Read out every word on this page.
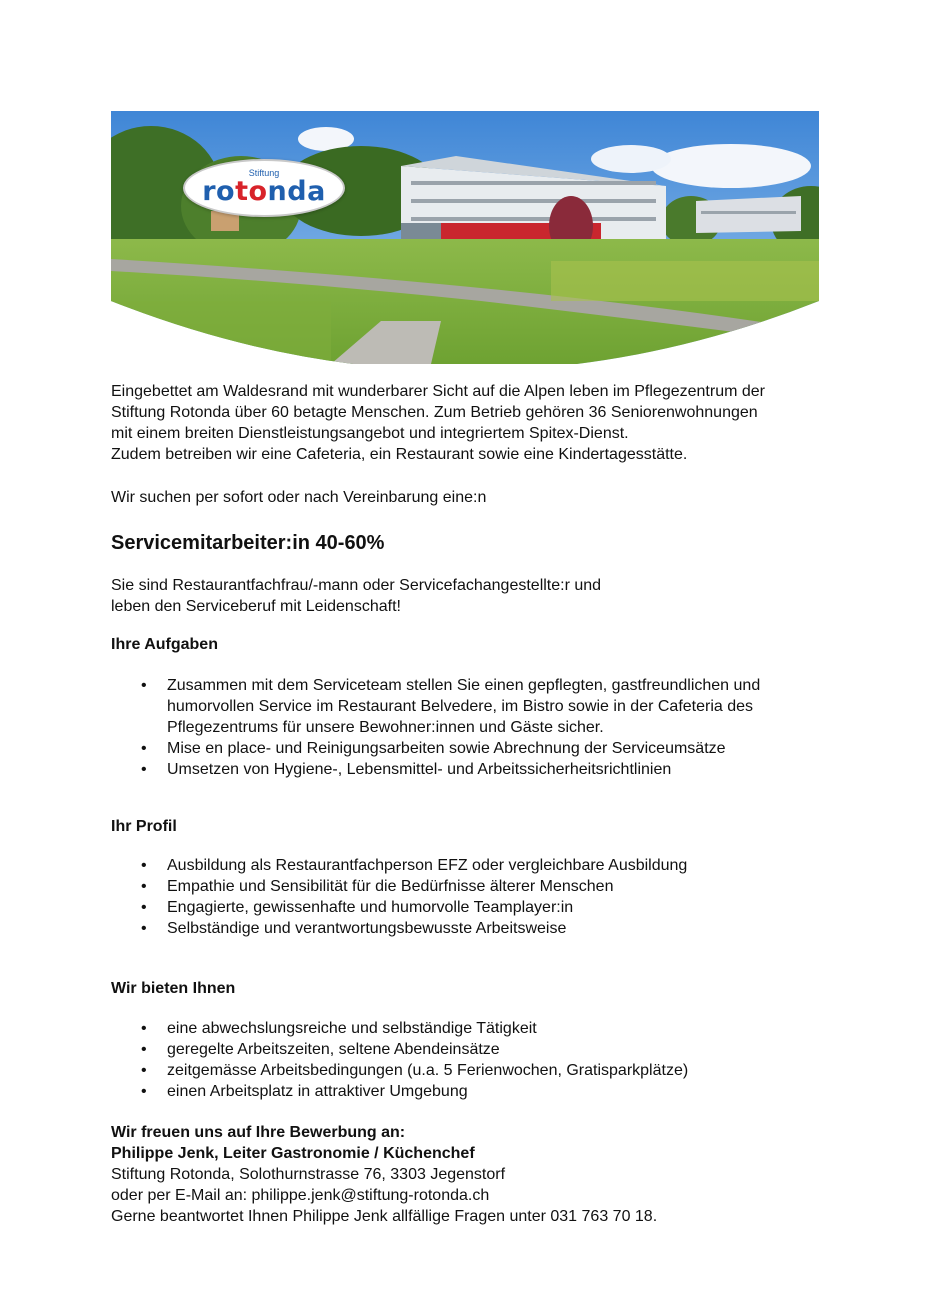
Stiftung
rotonda

Eingebettet am Waldesrand mit wunderbarer Sicht auf die Alpen leben im Pflegezentrum der

Stiftung Rotonda über 60 betagte Menschen. Zum Betrieb gehören 36 Seniorenwohnungen

mit einem breiten Dienstleistungsangebot und integriertem Spitex-Dienst.

Zudem betreiben wir eine Cafeteria, ein Restaurant sowie eine Kindertagesstätte.

Wir suchen per sofort oder nach Vereinbarung eine:n
Servicemitarbeiter:in 40-60%

Sie sind Restaurantfachfrau/-mann oder Servicefachangestellte:r und

leben den Serviceberuf mit Leidenschaft!

Ihre Aufgaben
• Zusammen mit dem Serviceteam stellen Sie einen gepflegten, gastfreundlichen und humorvollen Service im Restaurant Belvedere, im Bistro sowie in der Cafeteria des Pflegezentrums für unsere Bewohner:innen und Gäste sicher.
• Mise en place- und Reinigungsarbeiten sowie Abrechnung der Serviceumsätze
• Umsetzen von Hygiene-, Lebensmittel- und Arbeitssicherheitsrichtlinien
Ihr Profil
• Ausbildung als Restaurantfachperson EFZ oder vergleichbare Ausbildung
• Empathie und Sensibilität für die Bedürfnisse älterer Menschen
• Engagierte, gewissenhafte und humorvolle Teamplayer:in
• Selbständige und verantwortungsbewusste Arbeitsweise
Wir bieten Ihnen
• eine abwechslungsreiche und selbständige Tätigkeit
• geregelte Arbeitszeiten, seltene Abendeinsätze
• zeitgemässe Arbeitsbedingungen (u.a. 5 Ferienwochen, Gratisparkplätze)
• einen Arbeitsplatz in attraktiver Umgebung

Wir freuen uns auf Ihre Bewerbung an:

Philippe Jenk, Leiter Gastronomie / Küchenchef

Stiftung Rotonda, Solothurnstrasse 76, 3303 Jegenstorf

oder per E-Mail an: philippe.jenk@stiftung-rotonda.ch

Gerne beantwortet Ihnen Philippe Jenk allfällige Fragen unter 031 763 70 18.
